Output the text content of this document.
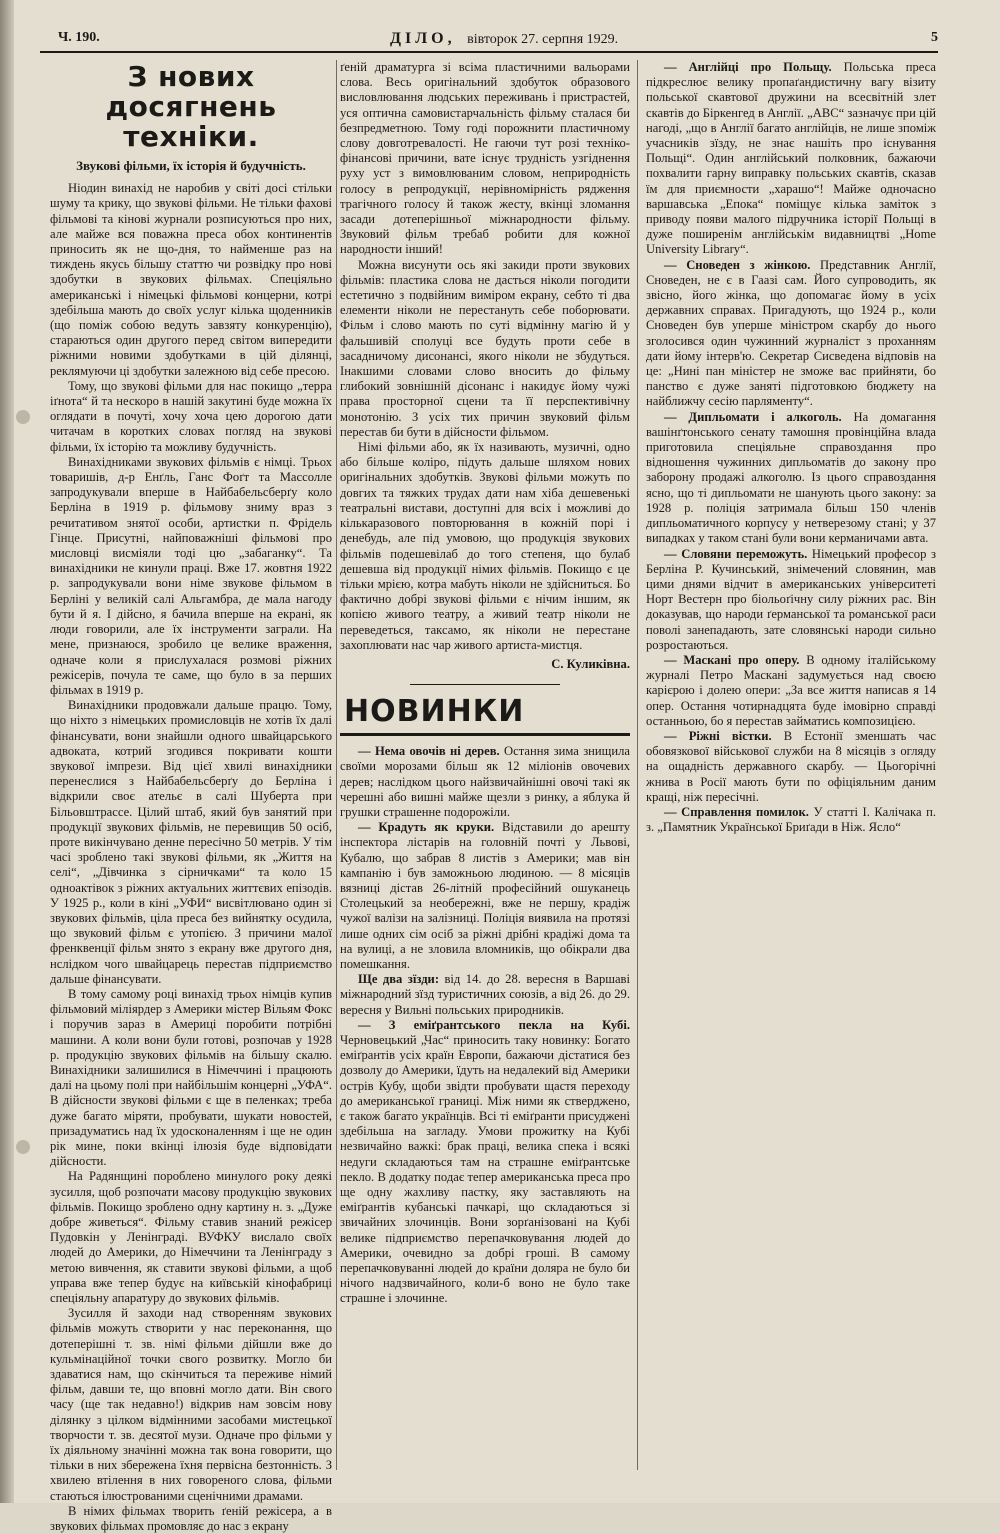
Ч. 190.	ДІЛО, вівторок 27. серпня 1929.	5
З нових досягнень
техніки.
Звукові фільми, їх історія й будучність.

Ніодин винахід не наробив у світі досі стільки шуму та крику, що звукові фільми. Не тільки фахові фільмові та кінові журнали розписуються про них, але майже вся поважна преса обох континентів приносить як не що-дня, то найменше раз на тиждень якусь більшу статтю чи розвідку про нові здобутки в звукових фільмах. Спеціяльно американські і німецькі фільмові концерни, котрі здебільша мають до своїх услуг кілька щоденників (що поміж собою ведуть завзяту конкуренцію), стараються один другого перед світом випередити ріжними новими здобутками в цій ділянці, реклямуючи ці здобутки залежною від себе пресою.

Тому, що звукові фільми для нас покищо „терра іґнота“ й та нескоро в нашій закутині буде можна їх оглядати в почуті, хочу хоча цею дорогою дати читачам в коротких словах погляд на звукові фільми, їх історію та можливу будучність.

Винахідниками звукових фільмів є німці. Трьох товаришів, д-р Енґль, Ганс Фоґт та Массолле запродукували вперше в Найбабельсберґу коло Берліна в 1919 р. фільмову зниму враз з речитативом знятої особи, артистки п. Фрідель Гінце. Присутні, найповажніші фільмові про мисловці висміяли тоді цю „забаганку“. Та винахідники не кинули праці. Вже 17. жовтня 1922 р. запродукували вони німе звукове фільмом в Берліні у великій салі Альгамбра, де мала нагоду бути й я. І дійсно, я бачила вперше на екрані, як люди говорили, але їх інструменти заграли. На мене, признаюся, зробило це велике враження, одначе коли я прислухалася розмові ріжних режісерів, почула те саме, що було в за перших фільмах в 1919 р.

Винахідники продовжали дальше працю. Тому, що ніхто з німецьких промисловців не хотів їх далі фінансувати, вони знайшли одного швайцарського адвоката, котрий згодився покривати кошти звукової імпрези. Від цієї хвилі винахідники перенеслися з Найбабельсберґу до Берліна і відкрили своє ательє в салі Шуберта при Більовштрассе. Цілий штаб, який був занятий при продукції звукових фільмів, не перевищив 50 осіб, проте викінчувано денне пересічно 50 метрів. У тім часі зроблено такі звукові фільми, як „Життя на селі“, „Дівчинка з сірничками“ та коло 15 одноактівок з ріжних актуальних життєвих епізодів. У 1925 р., коли в кіні „УФИ“ висвітлювано один зі звукових фільмів, ціла преса без вийнятку осудила, що звуковий фільм є утопією. З причини малої френквенції фільм знято з екрану вже другого дня, нслідком чого швайцарець перестав підприємство дальше фінансувати.

В тому самому році винахід трьох німців купив фільмовий міліярдер з Америки містер Вільям Фокс і поручив зараз в Америці поробити потрібні машини. А коли вони були готові, розпочав у 1928 р. продукцію звукових фільмів на більшу скалю. Винахідники залишилися в Німеччині і працюють далі на цьому полі при найбільшім концерні „УФА“. В дійсности звукові фільми є ще в пеленках; треба дуже багато міряти, пробувати, шукати новостей, призадуматись над їх удосконаленням і ще не один рік мине, поки вкінці ілюзія буде відповідати дійсности.

На Радянщині пороблено минулого року деякі зусилля, щоб розпочати масову продукцію звукових фільмів. Покищо зроблено одну картину н. з. „Дуже добре живеться“. Фільму ставив знаний режісер Пудовкін у Ленінграді. ВУФКУ вислало своїх людей до Америки, до Німеччини та Ленінграду з метою вивчення, як ставити звукові фільми, а щоб управа вже тепер будує на київській кінофабриці спеціяльну апаратуру до звукових фільмів.

Зусилля й заходи над створенням звукових фільмів можуть створити у нас переконання, що дотеперішні т. зв. німі фільми дійшли вже до кульмінаційної точки свого розвитку. Могло би здаватися нам, що скінчиться та переживе німий фільм, давши те, що вповні могло дати. Він свого часу (ще так недавно!) відкрив нам зовсім нову ділянку з цілком відмінними засобами мистецької творчости т. зв. десятої музи. Одначе про фільми у їх діяльному значінні можна так вона говорити, що тільки в них збережена їхня первісна безтонність. З хвилею втілення в них говореного слова, фільми стаються ілюстрованими сценічними драмами.

В німих фільмах творить ґеній режісера, а в звукових фільмах промовляє до нас з екрану

ґеній драматурга зі всіма пластичними вальорами слова. Весь оригінальний здобуток образового висловлювання людських переживань і пристрастей, уся оптична самовистарчальність фільму сталася би безпредметною. Тому годі порожнити пластичному слову довготревалості. Не гаючи тут розі техніко-фінансові причини, вате існує трудність узгіднення руху уст з вимовлюваним словом, неприродність голосу в репродукції, нерівномірність рядження трагічного голосу й також жесту, вкінці зломання засади дотеперішньої міжнародности фільму. Звуковий фільм требаб робити для кожної народности інший!

Можна висунути ось які закиди проти звукових фільмів: пластика слова не дасться ніколи погодити естетично з подвійним виміром екрану, себто ті два елементи ніколи не перестануть себе поборювати. Фільм і слово мають по суті відмінну магію й у фальшивій сполуці все будуть проти себе в засадничому дисонансі, якого ніколи не збудуться. Інакшими словами слово вносить до фільму глибокий зовнішній дісонанс і накидує йому чужі права просторної сцени та її перспективічну монотонію. З усіх тих причин звуковий фільм перестав би бути в дійсности фільмом.

Німі фільми або, як їх називають, музичні, одно або більше коліро, підуть дальше шляхом нових оригінальних здобутків. Звукові фільми можуть по довгих та тяжких трудах дати нам хіба дешевенькі театральні вистави, доступні для всіх і можливі до кількаразового повторювання в кожній порі і денебудь, але під умовою, що продукція звукових фільмів подешевілаб до того степеня, що булаб дешевша від продукції німих фільмів. Покищо є це тільки мрією, котра мабуть ніколи не здійсниться. Бо фактично добрі звукові фільми є нічим іншим, як копією живого театру, а живий театр ніколи не переведеться, таксамо, як ніколи не перестане захоплювати нас чар живого артиста-мистця.

С. Куликівна.
НОВИНКИ

— Нема овочів ні дерев. Остання зима знищила своїми морозами більш як 12 міліонів овочевих дерев; наслідком цього найзвичайнішні овочі такі як черешні або вишні майже щезли з ринку, а яблука й грушки страшенне подорожіли.

— Крадуть як круки. Відставили до арешту інспектора лістарів на головній почті у Львові, Кубалю, що забрав 8 листів з Америки; мав він кампанію і був заможньою людиною. — 8 місяців вязниці дістав 26-літній професійний ошуканець Столецький за необережні, вже не першу, крадіж чужої валізи на залізниці. Поліція виявила на протязі лише одних сім осіб за ріжні дрібні крадіжі дома та на вулиці, а не зловила вломників, що обікрали два помешкання.

Ще два зїзди: від 14. до 28. вересня в Варшаві міжнародний зїзд туристичних союзів, а від 26. до 29. вересня у Вильні польських природників.

— З еміґрантського пекла на Кубі. Черновецький „Час“ приносить таку новинку: Богато еміґрантів усіх країн Европи, бажаючи дістатися без дозволу до Америки, їдуть на недалекий від Америки острів Кубу, щоби звідти пробувати щастя переходу до американської границі. Між ними як ствердженo, є також багато українців. Всі ті еміґранти присуджені здебільша на загладу. Умови прожитку на Кубі незвичайно важкі: брак праці, велика спека і всякі недуги складаються там на страшне еміґрантське пекло. В додатку подає тепер американська преса про ще одну жахливу пастку, яку заставляють на еміґрантів кубанські пачкарі, що складаються зі звичайних злочинців. Вони зорґанізовані на Кубі велике підприємство перепачковування людей до Америки, очевидно за добрі гроші. В самому перепачковуванні людей до країни доляра не було би нічого надзвичайного, коли-б воно не було таке страшне і злочинне.

— Англійці про Польщу. Польська преса підкреслює велику пропаґандистичну вагу візиту польської скавтової дружини на всесвітній злет скавтів до Біркенгед в Англії. „АВС“ зазначує при цій нагоді, „що в Англії багато англійців, не лише зпоміж учасників зїзду, не знає нашіть про існування Польщі“. Один англійський полковник, бажаючи похвалити гарну виправку польських скавтів, сказав їм для приємности „харашо“! Майже одночасно варшавська „Епока“ поміщує кілька заміток з приводу появи малого підручника історії Польщі в дуже поширенім англійськім видавництві „Home University Library“.

— Сноведен з жінкою. Представник Англії, Сноведен, не є в Гаазі сам. Його супроводить, як звісно, його жінка, що допомагає йому в усіх державних справах. Пригадують, що 1924 р., коли Сноведен був уперше міністром скарбу до нього зголосився один чужинний журналіст з проханням дати йому інтерв'ю. Секретар Сиcведена відповів на це: „Нині пан міністер не зможе вас прийняти, бо панство є дуже заняті підготовкою бюджету на найближчу сесію парляменту“.

— Дипльомати і алкоголь. На домагання вашінґтонського сенату тамошня провінційна влада приготовила спеціяльне справоздання про відношення чужинних дипльоматів до закону про заборону продажі алкоголю. Із цього справоздання ясно, що ті дипльомати не шанують цього закону: за 1928 р. поліція затримала більш 150 членів дипльоматичного корпусу у нетверезому стані; у 37 випадках у таком стані були вони керманичами авта.

— Словяни переможуть. Німецький професор з Берліна Р. Кучинський, знімечений словянин, мав цими днями відчит в американських університеті Норт Вестерн про біольоґічну силу ріжних рас. Він доказував, що народи ґерманської та романської раси поволі занепадають, зате словянські народи сильно розростаються.

— Маскані про оперу. В одному італійському журналі Петро Маскані задумується над своєю карієрою і долею опери: „За все життя написав я 14 опер. Остання чотирнадцята буде імовірно справді останньою, бо я перестав займатись композицією.

— Ріжні вістки. В Естонії зменшать час обовязкової військової служби на 8 місяців з огляду на ощадність державного скарбу. — Цьогорічні жнива в Росії мають бути по офіціяльним даним кращі, ніж пересічні.

— Справлення помилок. У статті І. Калічака п. з. „Памятник Української Бриґади в Ніж. Ясло“
